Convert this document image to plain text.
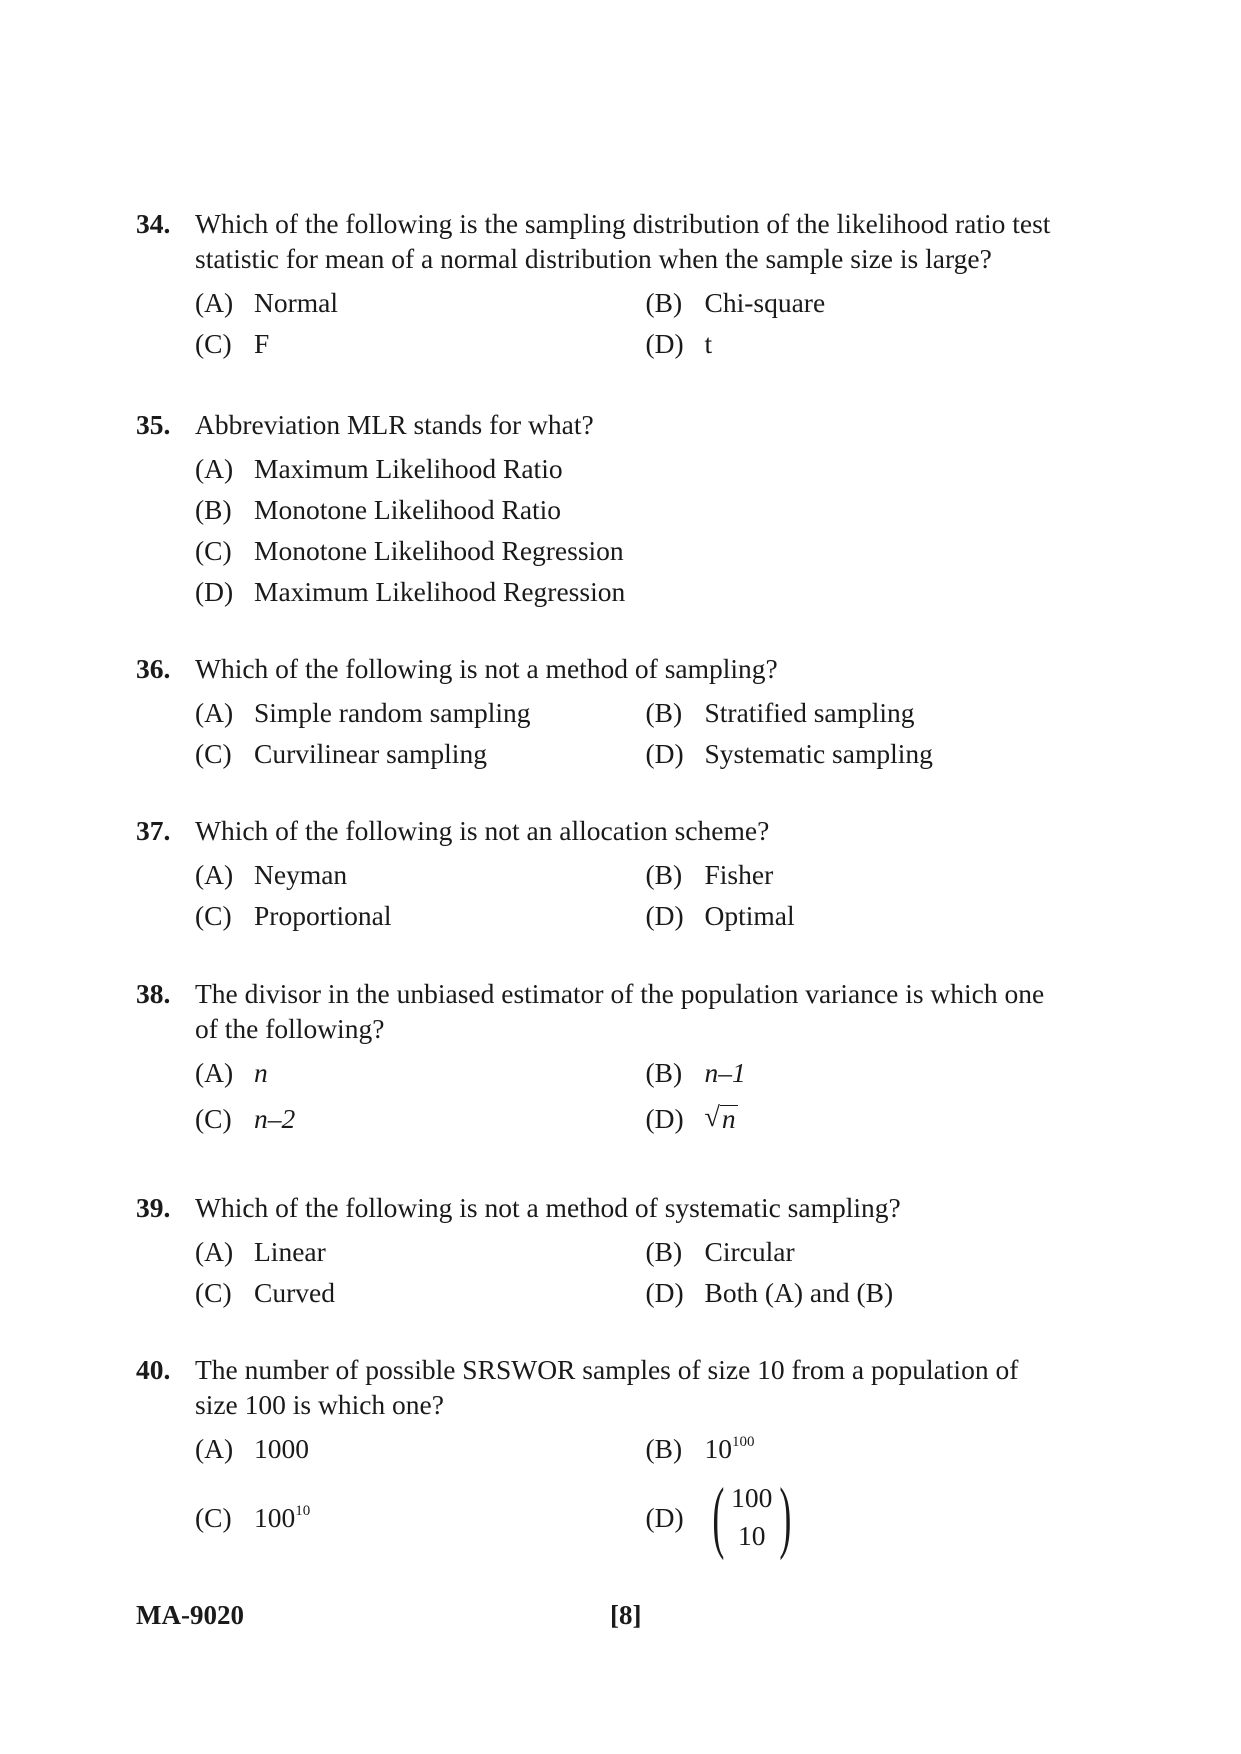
34. Which of the following is the sampling distribution of the likelihood ratio test
statistic for mean of a normal distribution when the sample size is large?
(A) Normal	(B) Chi-square
(C) F	(D) t
35. Abbreviation MLR stands for what?
(A) Maximum Likelihood Ratio
(B) Monotone Likelihood Ratio
(C) Monotone Likelihood Regression
(D) Maximum Likelihood Regression
36. Which of the following is not a method of sampling?
(A) Simple random sampling	(B) Stratified sampling
(C) Curvilinear sampling	(D) Systematic sampling
37. Which of the following is not an allocation scheme?
(A) Neyman	(B) Fisher
(C) Proportional	(D) Optimal
38. The divisor in the unbiased estimator of the population variance is which one
of the following?
(A) n	(B) n–1
(C) n–2	(D) √ n
39. Which of the following is not a method of systematic sampling?
(A) Linear	(B) Circular
(C) Curved	(D) Both (A) and (B)
40. The number of possible SRSWOR samples of size 10 from a population of
size 100 is which one?
(A) 1000	(B) $10^{100}$
(C) $100^{10}$	(D) ( 100
10 )
MA-9020	[8]
